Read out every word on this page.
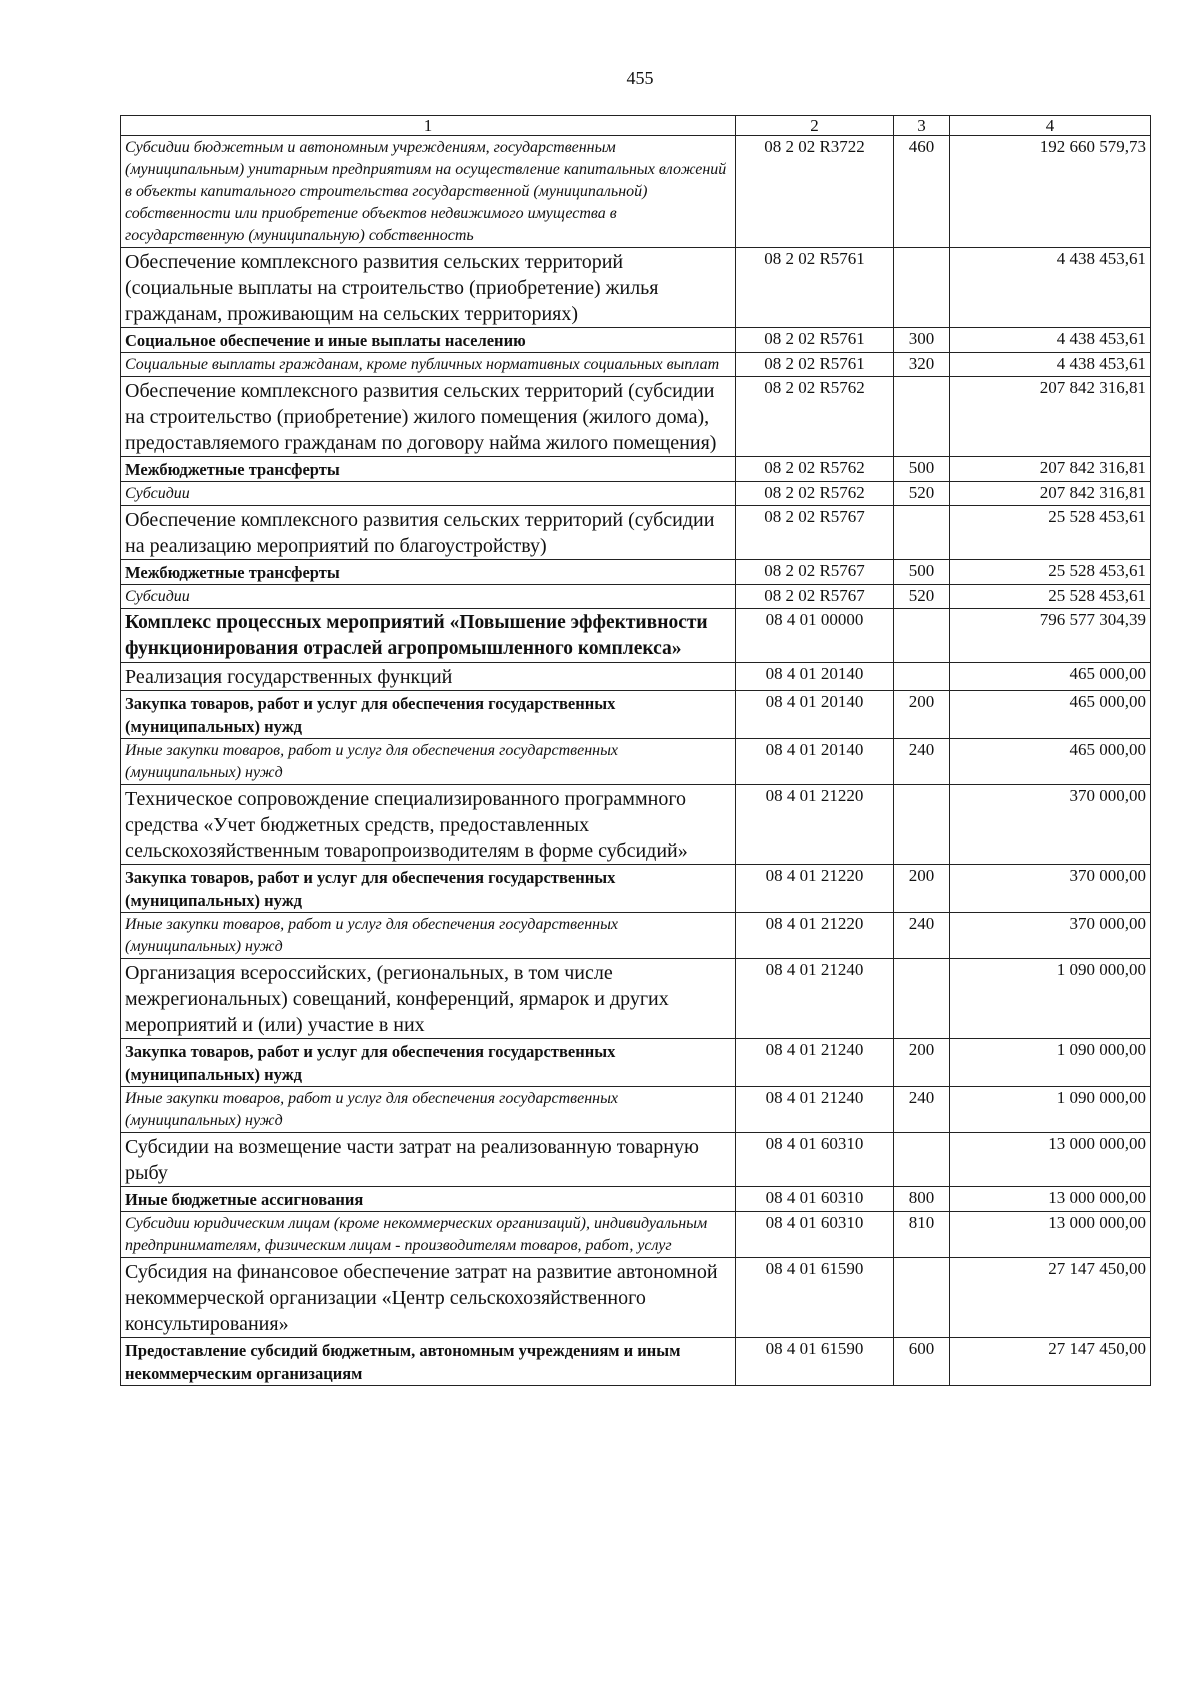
455
1	2	3	4
Субсидии бюджетным и автономным учреждениям, государственным (муниципальным) унитарным предприятиям на осуществление капитальных вложений в объекты капитального строительства государственной (муниципальной) собственности или приобретение объектов недвижимого имущества в государственную (муниципальную) собственность	08 2 02 R3722	460	192 660 579,73
Обеспечение комплексного развития сельских территорий (социальные выплаты на строительство (приобретение) жилья гражданам, проживающим на сельских территориях)	08 2 02 R5761		4 438 453,61
Социальное обеспечение и иные выплаты населению	08 2 02 R5761	300	4 438 453,61
Социальные выплаты гражданам, кроме публичных нормативных социальных выплат	08 2 02 R5761	320	4 438 453,61
Обеспечение комплексного развития сельских территорий (субсидии на строительство (приобретение) жилого помещения (жилого дома), предоставляемого гражданам по договору найма жилого помещения)	08 2 02 R5762		207 842 316,81
Межбюджетные трансферты	08 2 02 R5762	500	207 842 316,81
Субсидии	08 2 02 R5762	520	207 842 316,81
Обеспечение комплексного развития сельских территорий (субсидии на реализацию мероприятий по благоустройству)	08 2 02 R5767		25 528 453,61
Межбюджетные трансферты	08 2 02 R5767	500	25 528 453,61
Субсидии	08 2 02 R5767	520	25 528 453,61
Комплекс процессных мероприятий «Повышение эффективности функционирования отраслей агропромышленного комплекса»	08 4 01 00000		796 577 304,39
Реализация государственных функций	08 4 01 20140		465 000,00
Закупка товаров, работ и услуг для обеспечения государственных (муниципальных) нужд	08 4 01 20140	200	465 000,00
Иные закупки товаров, работ и услуг для обеспечения государственных (муниципальных) нужд	08 4 01 20140	240	465 000,00
Техническое сопровождение специализированного программного средства «Учет бюджетных средств, предоставленных сельскохозяйственным товаропроизводителям в форме субсидий»	08 4 01 21220		370 000,00
Закупка товаров, работ и услуг для обеспечения государственных (муниципальных) нужд	08 4 01 21220	200	370 000,00
Иные закупки товаров, работ и услуг для обеспечения государственных (муниципальных) нужд	08 4 01 21220	240	370 000,00
Организация всероссийских, (региональных, в том числе межрегиональных) совещаний, конференций, ярмарок и других мероприятий и (или) участие в них	08 4 01 21240		1 090 000,00
Закупка товаров, работ и услуг для обеспечения государственных (муниципальных) нужд	08 4 01 21240	200	1 090 000,00
Иные закупки товаров, работ и услуг для обеспечения государственных (муниципальных) нужд	08 4 01 21240	240	1 090 000,00
Субсидии на возмещение части затрат на реализованную товарную рыбу	08 4 01 60310		13 000 000,00
Иные бюджетные ассигнования	08 4 01 60310	800	13 000 000,00
Субсидии юридическим лицам (кроме некоммерческих организаций), индивидуальным предпринимателям, физическим лицам - производителям товаров, работ, услуг	08 4 01 60310	810	13 000 000,00
Субсидия на финансовое обеспечение затрат на развитие автономной некоммерческой организации «Центр сельскохозяйственного консультирования»	08 4 01 61590		27 147 450,00
Предоставление субсидий бюджетным, автономным учреждениям и иным некоммерческим организациям	08 4 01 61590	600	27 147 450,00
